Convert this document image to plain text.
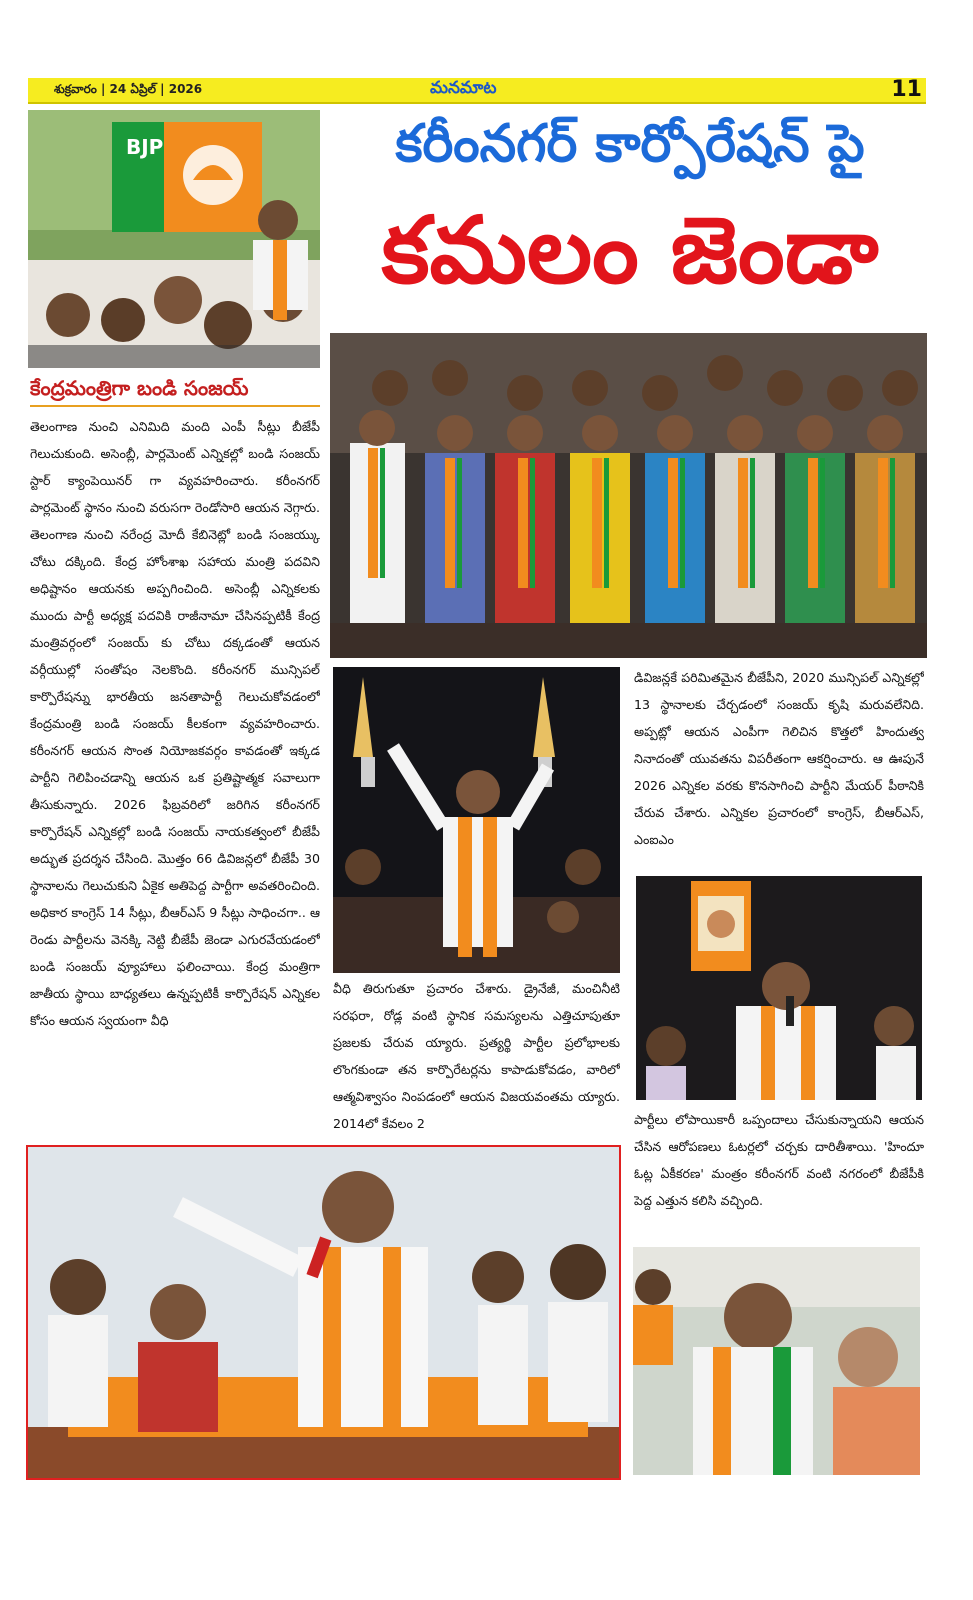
శుక్రవారం | 24 ఏప్రిల్ | 2026	మనమాట	11
కరీంనగర్ కార్పోరేషన్ పై
కమలం జెండా
BJP
కేంద్రమంత్రిగా బండి సంజయ్

తెలంగాణ నుంచి ఎనిమిది మంది ఎంపీ సీట్లు బీజేపీ గెలుచుకుంది. అసెంబ్లీ, పార్లమెంట్ ఎన్నికల్లో బండి సంజయ్ స్టార్ క్యాంపెయినర్ గా వ్యవహరించారు. కరీంనగర్ పార్లమెంట్ స్థానం నుంచి వరుసగా రెండోసారి ఆయన నెగ్గారు. తెలంగాణ నుంచి నరేంద్ర మోదీ కేబినెట్లో బండి సంజయ్కు చోటు దక్కింది. కేంద్ర హోంశాఖ సహాయ మంత్రి పదవిని అధిష్టానం ఆయనకు అప్పగించింది. అసెంబ్లీ ఎన్నికలకు ముందు పార్టీ అధ్యక్ష పదవికి రాజీనామా చేసినప్పటికీ కేంద్ర మంత్రివర్గంలో సంజయ్ కు చోటు దక్కడంతో ఆయన వర్గీయుల్లో సంతోషం నెలకొంది. కరీంనగర్ మున్సిపల్ కార్పొరేషన్ను భారతీయ జనతాపార్టీ గెలుచుకోవడంలో కేంద్రమంత్రి బండి సంజయ్ కీలకంగా వ్యవహరించారు. కరీంనగర్ ఆయన సొంత నియోజకవర్గం కావడంతో ఇక్కడ పార్టీని గెలిపించడాన్ని ఆయన ఒక ప్రతిష్టాత్మక సవాలుగా తీసుకున్నారు. 2026 ఫిబ్రవరిలో జరిగిన కరీంనగర్ కార్పొరేషన్ ఎన్నికల్లో బండి సంజయ్ నాయకత్వంలో బీజేపీ అద్భుత ప్రదర్శన చేసింది. మొత్తం 66 డివిజన్లలో బీజేపీ 30 స్థానాలను గెలుచుకుని ఏకైక అతిపెద్ద పార్టీగా అవతరించింది. అధికార కాంగ్రెస్ 14 సీట్లు, బీఆర్ఎస్ 9 సీట్లు సాధించగా.. ఆ రెండు పార్టీలను వెనక్కి నెట్టి బీజేపీ జెండా ఎగురవేయడంలో బండి సంజయ్ వ్యూహాలు ఫలించాయి. కేంద్ర మంత్రిగా జాతీయ స్థాయి బాధ్యతలు ఉన్నప్పటికీ కార్పొరేషన్ ఎన్నికల కోసం ఆయన స్వయంగా వీధి

వీధి తిరుగుతూ ప్రచారం చేశారు. డ్రైనేజీ, మంచినీటి సరఫరా, రోడ్ల వంటి స్థానిక సమస్యలను ఎత్తిచూపుతూ ప్రజలకు చేరువ య్యారు. ప్రత్యర్థి పార్టీల ప్రలోభాలకు లొంగకుండా తన కార్పొరేటర్లను కాపాడుకోవడం, వారిలో ఆత్మవిశ్వాసం నింపడంలో ఆయన విజయవంతమ య్యారు. 2014లో కేవలం 2

డివిజన్లకే పరిమితమైన బీజేపీని, 2020 మున్సిపల్ ఎన్నికల్లో 13 స్థానాలకు చేర్చడంలో సంజయ్ కృషి మరువలేనిది. అప్పట్లో ఆయన ఎంపీగా గెలిచిన కొత్తలో హిందుత్వ నినాదంతో యువతను విపరీతంగా ఆకర్షించారు. ఆ ఊపునే 2026 ఎన్నికల వరకు కొనసాగించి పార్టీని మేయర్ పీఠానికి చేరువ చేశారు. ఎన్నికల ప్రచారంలో కాంగ్రెస్, బీఆర్ఎస్, ఎంఐఎం

పార్టీలు లోపాయికారీ ఒప్పందాలు చేసుకున్నాయని ఆయన చేసిన ఆరోపణలు ఓటర్లలో చర్చకు దారితీశాయి. 'హిందూ ఓట్ల ఏకీకరణ' మంత్రం కరీంనగర్ వంటి నగరంలో బీజేపీకి పెద్ద ఎత్తున కలిసి వచ్చింది.
